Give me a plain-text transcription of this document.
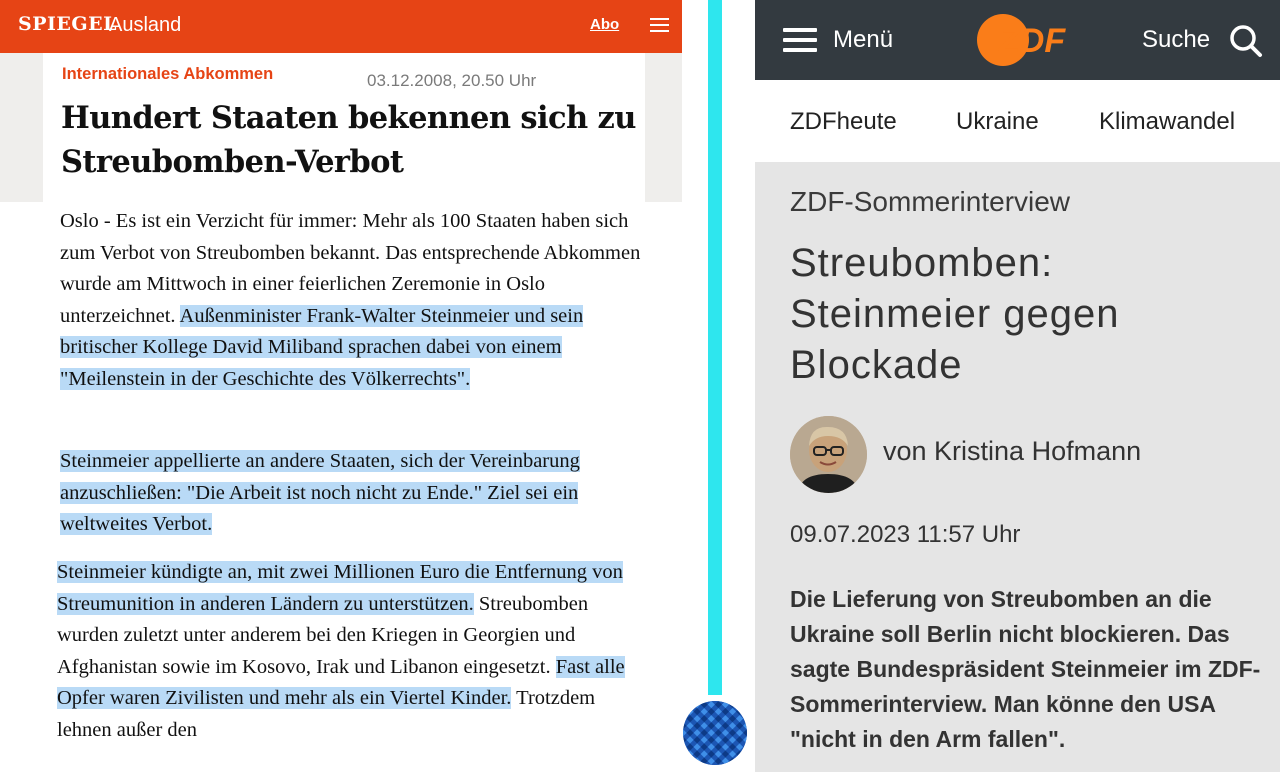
SPIEGEL
Ausland	Abo
Internationales Abkommen	03.12.2008, 20.50 Uhr
Hundert Staaten bekennen sich zu Streubomben-Verbot

Oslo - Es ist ein Verzicht für immer: Mehr als 100 Staaten haben sich zum Verbot von Streubomben bekannt. Das entsprechende Abkommen wurde am Mittwoch in einer feierlichen Zeremonie in Oslo unterzeichnet. Außenminister Frank-Walter Steinmeier und sein britischer Kollege David Miliband sprachen dabei von einem "Meilenstein in der Geschichte des Völkerrechts".

Steinmeier appellierte an andere Staaten, sich der Vereinbarung anzuschließen: "Die Arbeit ist noch nicht zu Ende." Ziel sei ein weltweites Verbot.

Steinmeier kündigte an, mit zwei Millionen Euro die Entfernung von Streumunition in anderen Ländern zu unterstützen. Streubomben wurden zuletzt unter anderem bei den Kriegen in Georgien und Afghanistan sowie im Kosovo, Irak und Libanon eingesetzt. Fast alle Opfer waren Zivilisten und mehr als ein Viertel Kinder. Trotzdem lehnen außer den

Menü	ZDF	Suche
ZDFheute Ukraine	Klimawandel
ZDF-Sommerinterview
Streubomben: Steinmeier gegen Blockade
von Kristina Hofmann
09.07.2023 11:57 Uhr

Die Lieferung von Streubomben an die Ukraine soll Berlin nicht blockieren. Das sagte Bundespräsident Steinmeier im ZDF-Sommerinterview. Man könne den USA "nicht in den Arm fallen".
